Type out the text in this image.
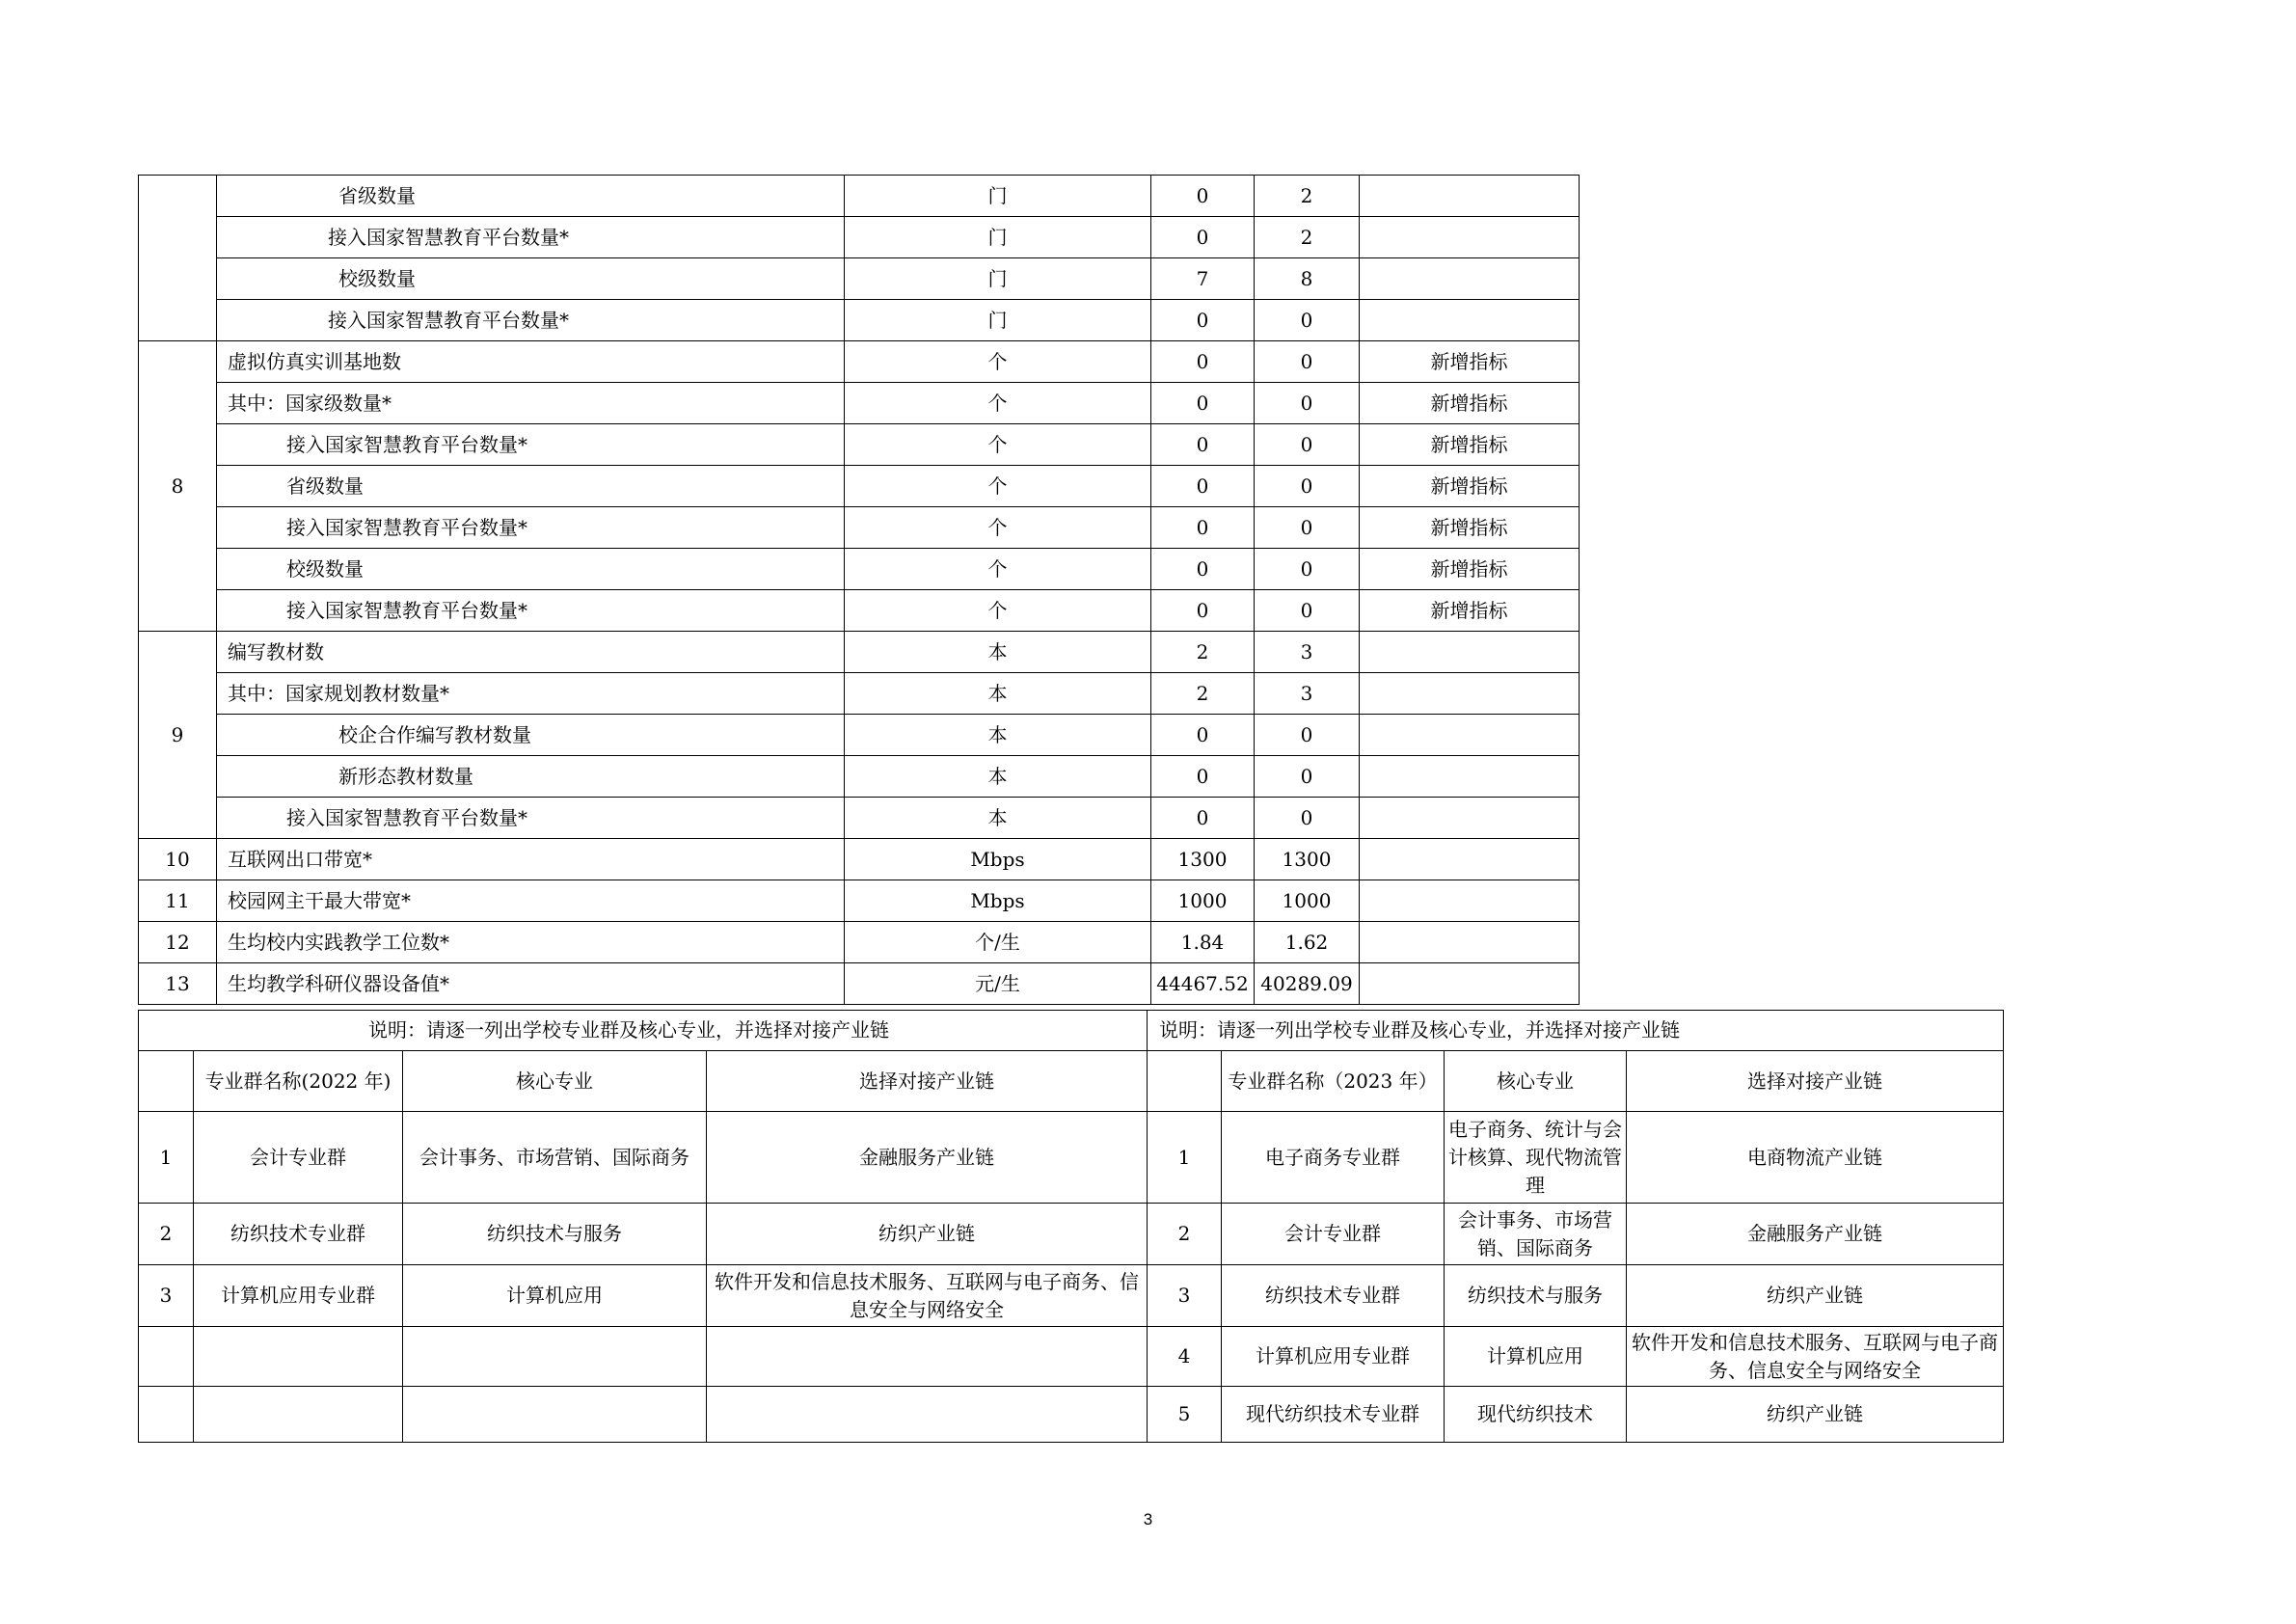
	省级数量	门	0	2	
	接入国家智慧教育平台数量*	门	0	2	
	校级数量	门	7	8	
	接入国家智慧教育平台数量*	门	0	0	
8	虚拟仿真实训基地数	个	0	0	新增指标
	其中：国家级数量*	个	0	0	新增指标
	接入国家智慧教育平台数量*	个	0	0	新增指标
	省级数量	个	0	0	新增指标
	接入国家智慧教育平台数量*	个	0	0	新增指标
	校级数量	个	0	0	新增指标
	接入国家智慧教育平台数量*	个	0	0	新增指标
9	编写教材数	本	2	3	
	其中：国家规划教材数量*	本	2	3	
	校企合作编写教材数量	本	0	0	
	新形态教材数量	本	0	0	
	接入国家智慧教育平台数量*	本	0	0	
10	互联网出口带宽*	Mbps	1300	1300	
11	校园网主干最大带宽*	Mbps	1000	1000	
12	生均校内实践教学工位数*	个/生	1.84	1.62	
13	生均教学科研仪器设备值*	元/生	44467.52	40289.09	
说明：请逐一列出学校专业群及核心专业，并选择对接产业链				说明：请逐一列出学校专业群及核心专业，并选择对接产业链			
	专业群名称(2022 年)	核心专业	选择对接产业链		专业群名称（2023 年）	核心专业	选择对接产业链
1	会计专业群	会计事务、市场营销、国际商务	金融服务产业链	1	电子商务专业群	电子商务、统计与会计核算、现代物流管理	电商物流产业链
2	纺织技术专业群	纺织技术与服务	纺织产业链	2	会计专业群	会计事务、市场营销、国际商务	金融服务产业链
3	计算机应用专业群	计算机应用	软件开发和信息技术服务、互联网与电子商务、信息安全与网络安全	3	纺织技术专业群	纺织技术与服务	纺织产业链
				4	计算机应用专业群	计算机应用	软件开发和信息技术服务、互联网与电子商务、信息安全与网络安全
				5	现代纺织技术专业群	现代纺织技术	纺织产业链
3
